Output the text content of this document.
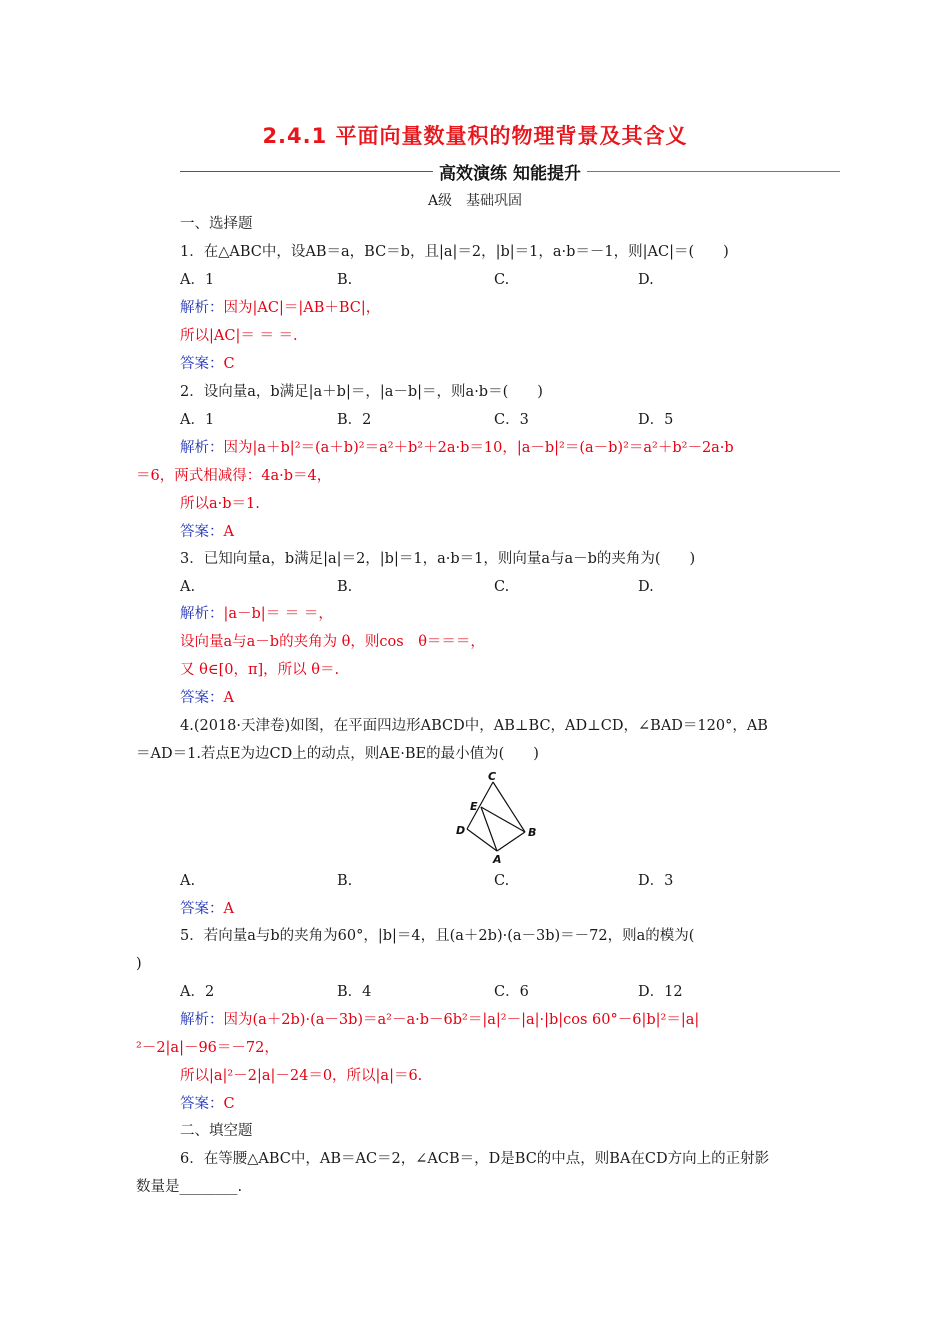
2.4.1 平面向量数量积的物理背景及其含义
高效演练 知能提升
A级　基础巩固
一、选择题
1．在△ABC中，设AB＝a，BC＝b，且|a|＝2，|b|＝1，a·b＝－1，则|AC|＝(　　)
A．1	B.	C.	D.
解析：因为|AC|＝|AB＋BC|，
所以|AC|＝ ＝ ＝.
答案：C
2．设向量a，b满足|a＋b|＝，|a－b|＝，则a·b＝(　　)
A．1	B．2	C．3	D．5
解析：因为|a＋b|²＝(a＋b)²＝a²＋b²＋2a·b＝10，|a－b|²＝(a－b)²＝a²＋b²－2a·b
＝6，两式相减得：4a·b＝4，
所以a·b＝1.
答案：A
3．已知向量a，b满足|a|＝2，|b|＝1，a·b＝1，则向量a与a－b的夹角为(　　)
A.	B.	C.	D.
解析：|a－b|＝ ＝ ＝，
设向量a与a－b的夹角为 θ，则cos　θ＝＝＝，
又 θ∈[0，π]，所以 θ＝.
答案：A
4.(2018·天津卷)如图，在平面四边形ABCD中，AB⊥BC，AD⊥CD，∠BAD＝120°，AB
＝AD＝1.若点E为边CD上的动点，则AE·BE的最小值为(　　)
C
E
D	B
A
A.	B.	C.	D．3
答案：A
5．若向量a与b的夹角为60°，|b|＝4，且(a＋2b)·(a－3b)＝－72，则a的模为(
)
A．2	B．4	C．6	D．12
解析：因为(a＋2b)·(a－3b)＝a²－a·b－6b²＝|a|²－|a|·|b|cos 60°－6|b|²＝|a|
²－2|a|－96＝－72，
所以|a|²－2|a|－24＝0，所以|a|＝6.
答案：C
二、填空题
6．在等腰△ABC中，AB＝AC＝2，∠ACB＝，D是BC的中点，则BA在CD方向上的正射影
数量是________.
